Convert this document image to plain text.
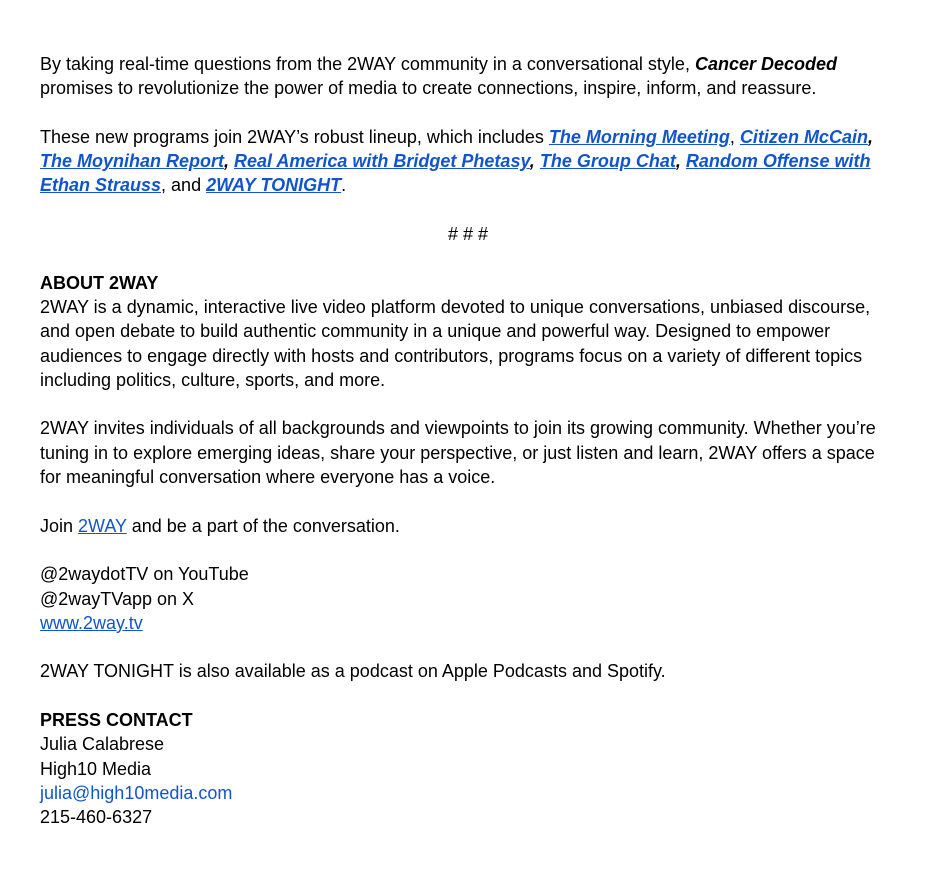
By taking real-time questions from the 2WAY community in a conversational style, Cancer Decoded
promises to revolutionize the power of media to create connections, inspire, inform, and reassure.

These new programs join 2WAY’s robust lineup, which includes The Morning Meeting, Citizen McCain,
The Moynihan Report, Real America with Bridget Phetasy, The Group Chat, Random Offense with Ethan Strauss, and 2WAY TONIGHT.

# # #

ABOUT 2WAY
2WAY is a dynamic, interactive live video platform devoted to unique conversations, unbiased discourse, and open debate to build authentic community in a unique and powerful way. Designed to empower audiences to engage directly with hosts and contributors, programs focus on a variety of different topics including politics, culture, sports, and more.

2WAY invites individuals of all backgrounds and viewpoints to join its growing community. Whether you’re tuning in to explore emerging ideas, share your perspective, or just listen and learn, 2WAY offers a space for meaningful conversation where everyone has a voice.

Join 2WAY and be a part of the conversation.

@2waydotTV on YouTube
@2wayTVapp on X
www.2way.tv

2WAY TONIGHT is also available as a podcast on Apple Podcasts and Spotify.

PRESS CONTACT
Julia Calabrese
High10 Media
julia@high10media.com
215-460-6327
